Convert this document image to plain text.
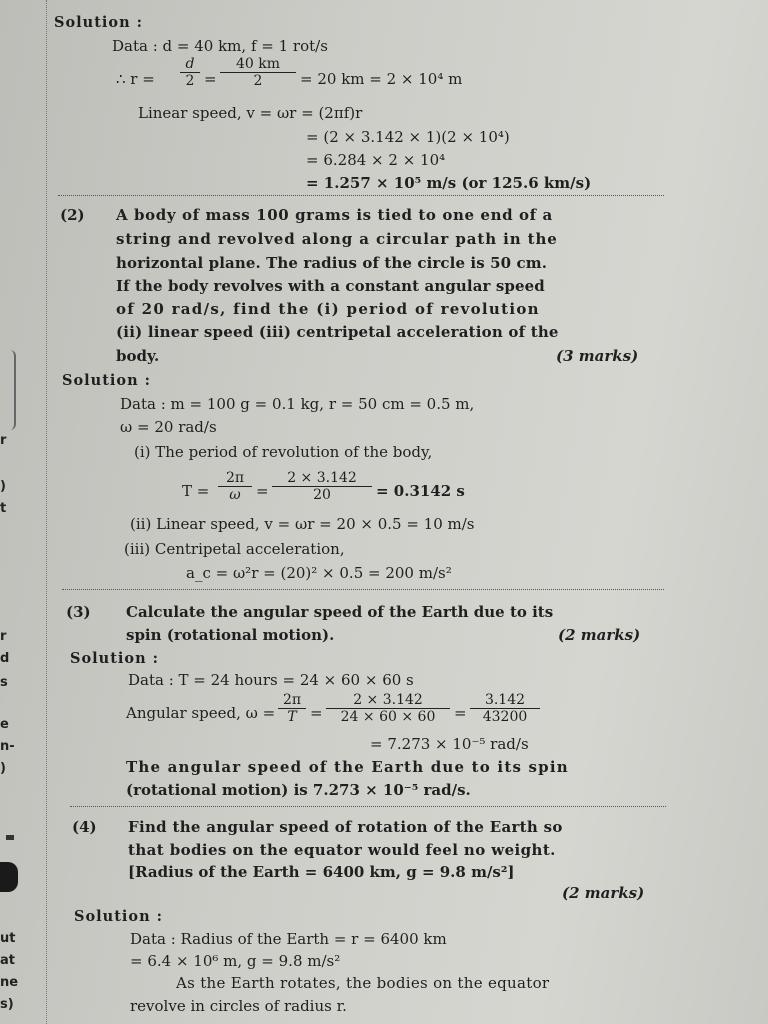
r
)
t
r
d
s
e
n-
)
ut
at
ne
s)
Solution :
Data : d = 40 km, f = 1 rot/s
∴ $r = \frac{d}{2} = \frac{40 km}{2} = 20$ km = 2 × 10⁴ m
Linear speed, v = ωr = (2πf)r
= (2 × 3.142 × 1)(2 × 10⁴)
= 6.284 × 2 × 10⁴
= 1.257 × 10⁵ m/s (or 125.6 km/s)
(2) A body of mass 100 grams is tied to one end of a
string and revolved along a circular path in the
horizontal plane. The radius of the circle is 50 cm.
If the body revolves with a constant angular speed
of 20 rad/s, find the (i) period of revolution
(ii) linear speed (iii) centripetal acceleration of the
body.	(3 marks)
Solution :
Data : m = 100 g = 0.1 kg, r = 50 cm = 0.5 m,
ω = 20 rad/s
(i) The period of revolution of the body,
$T = \frac{2\pi}{\omega} = \frac{2 \times 3.142}{20} = 0.3142$ s
(ii) Linear speed, v = ωr = 20 × 0.5 = 10 m/s
(iii) Centripetal acceleration,
a_c = ω²r = (20)² × 0.5 = 200 m/s²
(3) Calculate the angular speed of the Earth due to its
spin (rotational motion).	(2 marks)
Solution :
Data : T = 24 hours = 24 × 60 × 60 s
Angular speed, $\omega = \frac{2\pi}{T} = \frac{2 \times 3.142}{24 \times 60 \times 60} = \frac{3.142}{43200}$
= 7.273 × 10⁻⁵ rad/s
The angular speed of the Earth due to its spin
(rotational motion) is 7.273 × 10⁻⁵ rad/s.
(4) Find the angular speed of rotation of the Earth so
that bodies on the equator would feel no weight.
[Radius of the Earth = 6400 km, g = 9.8 m/s²]
(2 marks)
Solution :
Data : Radius of the Earth = r = 6400 km
= 6.4 × 10⁶ m, g = 9.8 m/s²
As the Earth rotates, the bodies on the equator
revolve in circles of radius r.
